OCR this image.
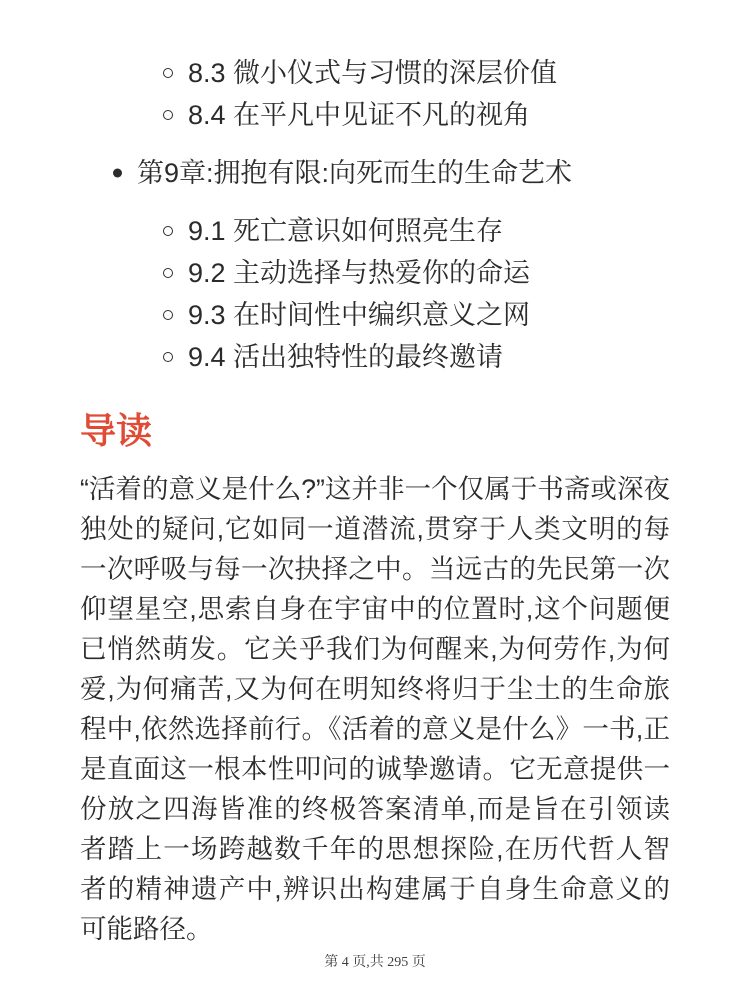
8.3 微小仪式与习惯的深层价值
8.4 在平凡中见证不凡的视角
第9章:拥抱有限:向死而生的生命艺术
9.1 死亡意识如何照亮生存
9.2 主动选择与热爱你的命运
9.3 在时间性中编织意义之网
9.4 活出独特性的最终邀请
导读

“活着的意义是什么?”这并非一个仅属于书斋或深夜独处的疑问,它如同一道潜流,贯穿于人类文明的每一次呼吸与每一次抉择之中。当远古的先民第一次仰望星空,思索自身在宇宙中的位置时,这个问题便已悄然萌发。它关乎我们为何醒来,为何劳作,为何爱,为何痛苦,又为何在明知终将归于尘土的生命旅程中,依然选择前行。《活着的意义是什么》一书,正是直面这一根本性叩问的诚挚邀请。它无意提供一份放之四海皆准的终极答案清单,而是旨在引领读者踏上一场跨越数千年的思想探险,在历代哲人智者的精神遗产中,辨识出构建属于自身生命意义的可能路径。

第 4 页,共 295 页
